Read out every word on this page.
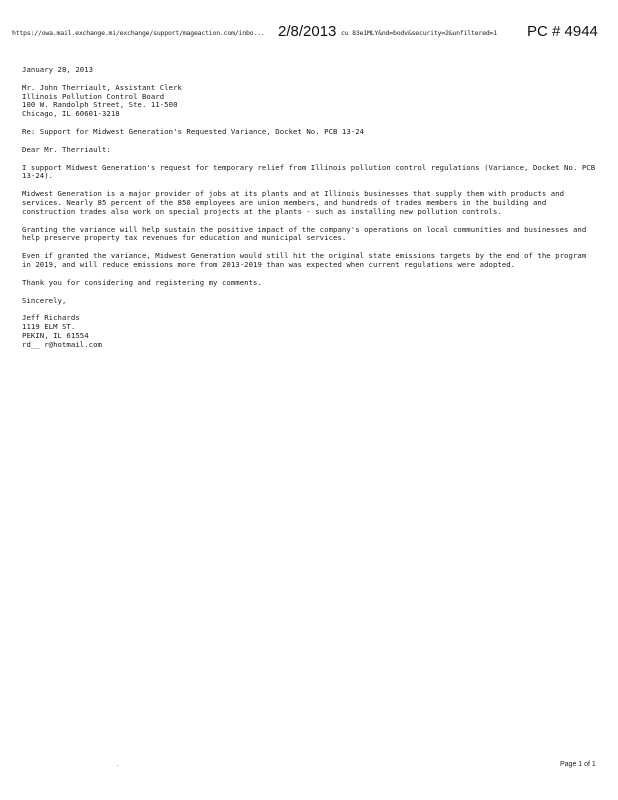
https://owa.mail.exchange.mi/exchange/support/mageaction.com/inbo... 2/8/2013 cu 83e1MLY&nd=bodv&security=2&unfiltered=1 PC # 4944

January 28, 2013

Mr. John Therriault, Assistant Clerk

Illinois Pollution Control Board

100 W. Randolph Street, Ste. 11-500

Chicago, IL 60601-3218

Re: Support for Midwest Generation's Requested Variance, Docket No. PCB 13-24

Dear Mr. Therriault:

I support Midwest Generation's request for temporary relief from Illinois pollution control regulations (Variance, Docket No. PCB 13-24).

Midwest Generation is a major provider of jobs at its plants and at Illinois businesses that supply them with products and services. Nearly 85 percent of the 850 employees are union members, and hundreds of trades members in the building and construction trades also work on special projects at the plants - such as installing new pollution controls.

Granting the variance will help sustain the positive impact of the company's operations on local communities and businesses and help preserve property tax revenues for education and municipal services.

Even if granted the variance, Midwest Generation would still hit the original state emissions targets by the end of the program in 2019, and will reduce emissions more from 2013-2019 than was expected when current regulations were adopted.

Thank you for considering and registering my comments.

Sincerely,

Jeff Richards

1119 ELM ST.

PEKIN, IL 61554

rd__ r@hotmail.com

.	Page 1 of 1
